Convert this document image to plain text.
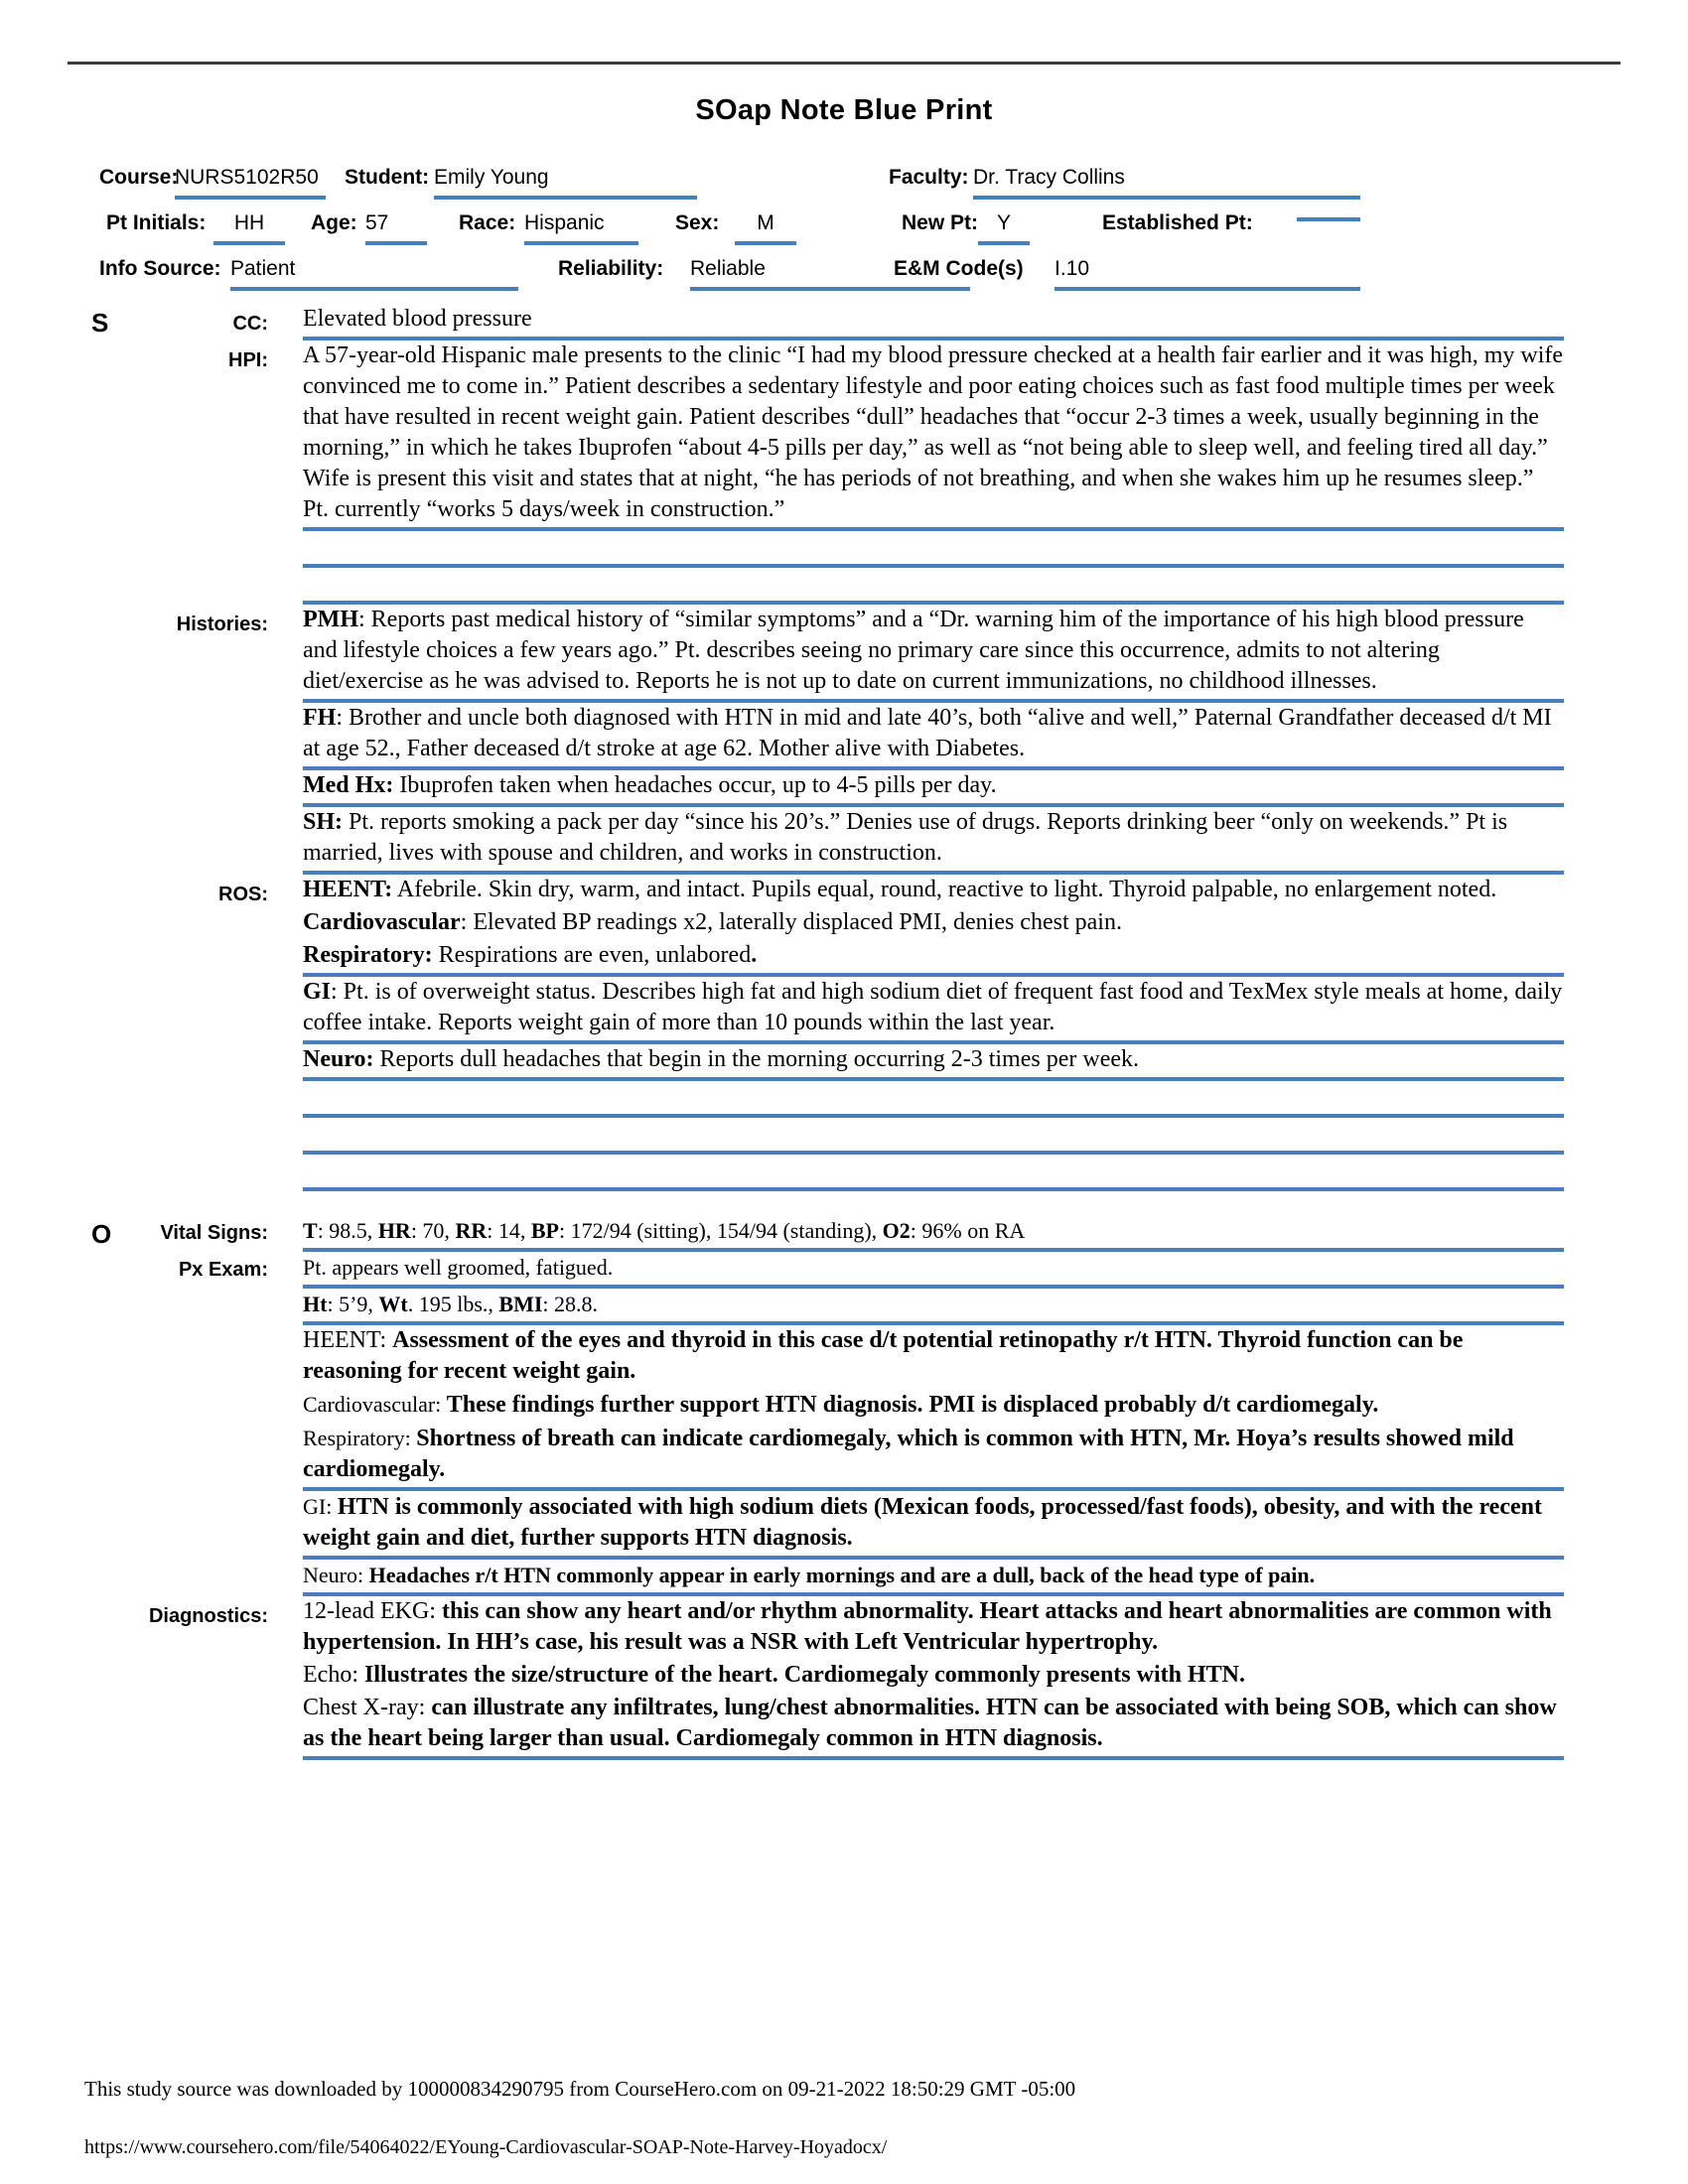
SOap Note Blue Print
Course:
NURS5102R50	Student: Emily Young	Faculty: Dr. Tracy Collins
Pt Initials:	HH	Age: 57	Race: Hispanic	Sex:	M	New Pt: Y	Established Pt:
Info Source: Patient	Reliability: Reliable	E&M Code(s) I.10
S	CC: Elevated blood pressure
HPI: A 57-year-old Hispanic male presents to the clinic “I had my blood pressure checked at a health fair earlier and it was high, my wife convinced me to come in.” Patient describes a sedentary lifestyle and poor eating choices such as fast food multiple times per week that have resulted in recent weight gain. Patient describes “dull” headaches that “occur 2-3 times a week, usually beginning in the morning,” in which he takes Ibuprofen “about 4-5 pills per day,” as well as “not being able to sleep well, and feeling tired all day.” Wife is present this visit and states that at night, “he has periods of not breathing, and when she wakes him up he resumes sleep.” Pt. currently “works 5 days/week in construction.”
Histories: PMH: Reports past medical history of “similar symptoms” and a “Dr. warning him of the importance of his high blood pressure and lifestyle choices a few years ago.” Pt. describes seeing no primary care since this occurrence, admits to not altering diet/exercise as he was advised to. Reports he is not up to date on current immunizations, no childhood illnesses.
FH: Brother and uncle both diagnosed with HTN in mid and late 40’s, both “alive and well,” Paternal Grandfather deceased d/t MI at age 52., Father deceased d/t stroke at age 62. Mother alive with Diabetes.
Med Hx: Ibuprofen taken when headaches occur, up to 4-5 pills per day.
SH: Pt. reports smoking a pack per day “since his 20’s.” Denies use of drugs. Reports drinking beer “only on weekends.” Pt is married, lives with spouse and children, and works in construction.
ROS: HEENT: Afebrile. Skin dry, warm, and intact. Pupils equal, round, reactive to light. Thyroid palpable, no enlargement noted.
Cardiovascular: Elevated BP readings x2, laterally displaced PMI, denies chest pain.
Respiratory: Respirations are even, unlabored.
GI: Pt. is of overweight status. Describes high fat and high sodium diet of frequent fast food and TexMex style meals at home, daily coffee intake. Reports weight gain of more than 10 pounds within the last year.
Neuro: Reports dull headaches that begin in the morning occurring 2-3 times per week.
O	Vital Signs: T: 98.5, HR: 70, RR: 14, BP: 172/94 (sitting), 154/94 (standing), O2: 96% on RA
Px Exam: Pt. appears well groomed, fatigued.
Ht: 5’9, Wt. 195 lbs., BMI: 28.8.
HEENT: Assessment of the eyes and thyroid in this case d/t potential retinopathy r/t HTN. Thyroid function can be reasoning for recent weight gain.
Cardiovascular: These findings further support HTN diagnosis. PMI is displaced probably d/t cardiomegaly.
Respiratory: Shortness of breath can indicate cardiomegaly, which is common with HTN, Mr. Hoya’s results showed mild cardiomegaly.
GI: HTN is commonly associated with high sodium diets (Mexican foods, processed/fast foods), obesity, and with the recent weight gain and diet, further supports HTN diagnosis.
Neuro: Headaches r/t HTN commonly appear in early mornings and are a dull, back of the head type of pain.
Diagnostics: 12-lead EKG: this can show any heart and/or rhythm abnormality. Heart attacks and heart abnormalities are common with hypertension. In HH’s case, his result was a NSR with Left Ventricular hypertrophy.
Echo: Illustrates the size/structure of the heart. Cardiomegaly commonly presents with HTN.
Chest X-ray: can illustrate any infiltrates, lung/chest abnormalities. HTN can be associated with being SOB, which can show as the heart being larger than usual. Cardiomegaly common in HTN diagnosis.
This study source was downloaded by 100000834290795 from CourseHero.com on 09-21-2022 18:50:29 GMT -05:00
https://www.coursehero.com/file/54064022/EYoung-Cardiovascular-SOAP-Note-Harvey-Hoyadocx/
